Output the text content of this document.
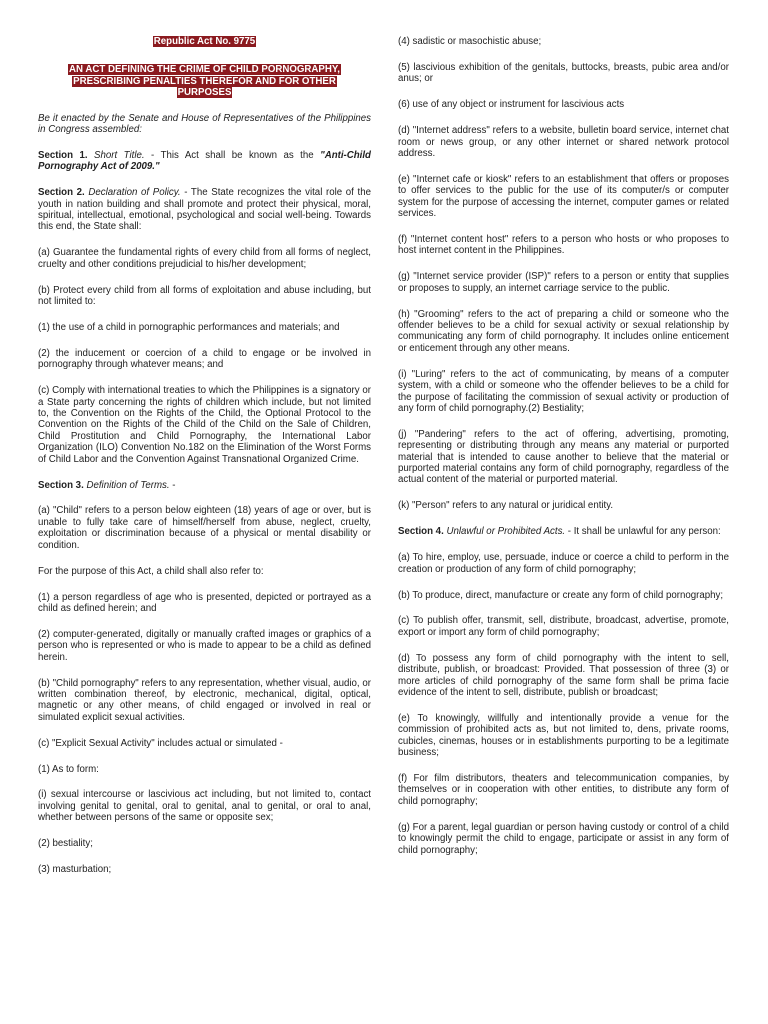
Republic Act No. 9775
AN ACT DEFINING THE CRIME OF CHILD PORNOGRAPHY,
PRESCRIBING PENALTIES THEREFOR AND FOR OTHER
PURPOSES

Be it enacted by the Senate and House of Representatives of the Philippines in Congress assembled:

Section 1. Short Title. - This Act shall be known as the "Anti-Child Pornography Act of 2009."

Section 2. Declaration of Policy. - The State recognizes the vital role of the youth in nation building and shall promote and protect their physical, moral, spiritual, intellectual, emotional, psychological and social well-being. Towards this end, the State shall:

(a) Guarantee the fundamental rights of every child from all forms of neglect, cruelty and other conditions prejudicial to his/her development;

(b) Protect every child from all forms of exploitation and abuse including, but not limited to:

(1) the use of a child in pornographic performances and materials; and

(2) the inducement or coercion of a child to engage or be involved in pornography through whatever means; and

(c) Comply with international treaties to which the Philippines is a signatory or a State party concerning the rights of children which include, but not limited to, the Convention on the Rights of the Child, the Optional Protocol to the Convention on the Rights of the Child of the Child on the Sale of Children, Child Prostitution and Child Pornography, the International Labor Organization (ILO) Convention No.182 on the Elimination of the Worst Forms of Child Labor and the Convention Against Transnational Organized Crime.

Section 3. Definition of Terms. -

(a) "Child" refers to a person below eighteen (18) years of age or over, but is unable to fully take care of himself/herself from abuse, neglect, cruelty, exploitation or discrimination because of a physical or mental disability or condition.

For the purpose of this Act, a child shall also refer to:

(1) a person regardless of age who is presented, depicted or portrayed as a child as defined herein; and

(2) computer-generated, digitally or manually crafted images or graphics of a person who is represented or who is made to appear to be a child as defined herein.

(b) "Child pornography" refers to any representation, whether visual, audio, or written combination thereof, by electronic, mechanical, digital, optical, magnetic or any other means, of child engaged or involved in real or simulated explicit sexual activities.

(c) "Explicit Sexual Activity" includes actual or simulated -

(1) As to form:

(i) sexual intercourse or lascivious act including, but not limited to, contact involving genital to genital, oral to genital, anal to genital, or oral to anal, whether between persons of the same or opposite sex;

(2) bestiality;

(3) masturbation;

(4) sadistic or masochistic abuse;

(5) lascivious exhibition of the genitals, buttocks, breasts, pubic area and/or anus; or

(6) use of any object or instrument for lascivious acts

(d) "Internet address" refers to a website, bulletin board service, internet chat room or news group, or any other internet or shared network protocol address.

(e) "Internet cafe or kiosk" refers to an establishment that offers or proposes to offer services to the public for the use of its computer/s or computer system for the purpose of accessing the internet, computer games or related services.

(f) "Internet content host" refers to a person who hosts or who proposes to host internet content in the Philippines.

(g) "Internet service provider (ISP)" refers to a person or entity that supplies or proposes to supply, an internet carriage service to the public.

(h) "Grooming" refers to the act of preparing a child or someone who the offender believes to be a child for sexual activity or sexual relationship by communicating any form of child pornography. It includes online enticement or enticement through any other means.

(i) "Luring" refers to the act of communicating, by means of a computer system, with a child or someone who the offender believes to be a child for the purpose of facilitating the commission of sexual activity or production of any form of child pornography.(2) Bestiality;

(j) "Pandering" refers to the act of offering, advertising, promoting, representing or distributing through any means any material or purported material that is intended to cause another to believe that the material or purported material contains any form of child pornography, regardless of the actual content of the material or purported material.

(k) "Person" refers to any natural or juridical entity.

Section 4. Unlawful or Prohibited Acts. - It shall be unlawful for any person:

(a) To hire, employ, use, persuade, induce or coerce a child to perform in the creation or production of any form of child pornography;

(b) To produce, direct, manufacture or create any form of child pornography;

(c) To publish offer, transmit, sell, distribute, broadcast, advertise, promote, export or import any form of child pornography;

(d) To possess any form of child pornography with the intent to sell, distribute, publish, or broadcast: Provided. That possession of three (3) or more articles of child pornography of the same form shall be prima facie evidence of the intent to sell, distribute, publish or broadcast;

(e) To knowingly, willfully and intentionally provide a venue for the commission of prohibited acts as, but not limited to, dens, private rooms, cubicles, cinemas, houses or in establishments purporting to be a legitimate business;

(f) For film distributors, theaters and telecommunication companies, by themselves or in cooperation with other entities, to distribute any form of child pornography;

(g) For a parent, legal guardian or person having custody or control of a child to knowingly permit the child to engage, participate or assist in any form of child pornography;
